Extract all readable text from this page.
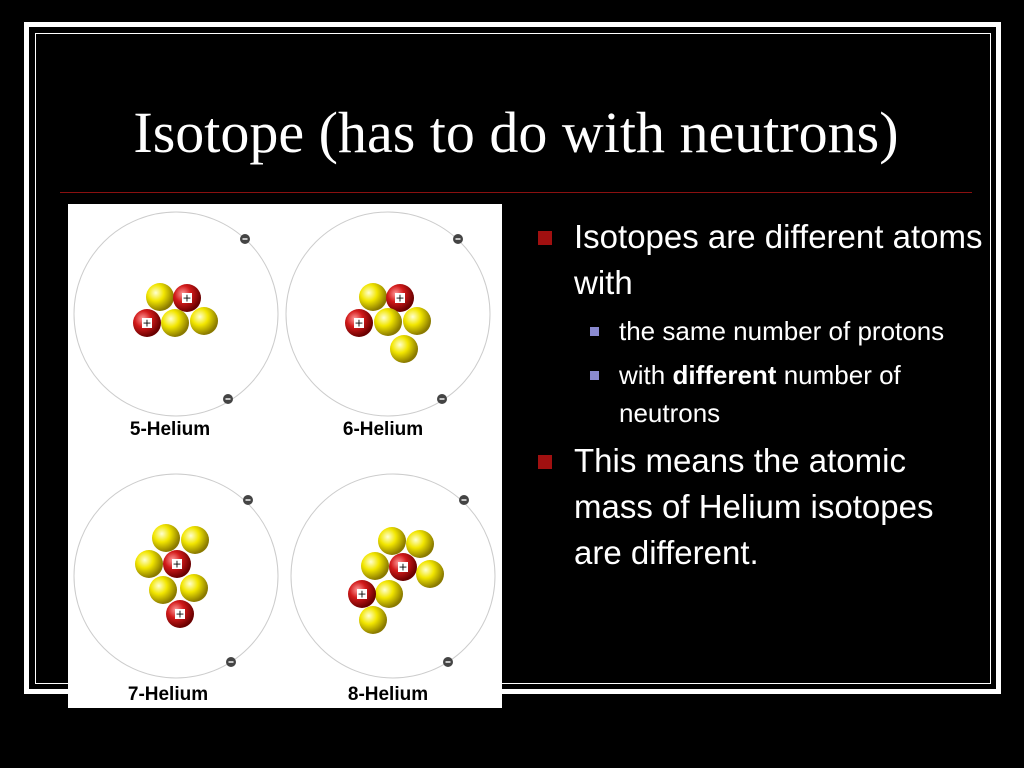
Isotope (has to do with neutrons)
+
+
5-Helium
+
+
6-Helium
+
+
7-Helium
+
+
8-Helium
Isotopes are different atoms with
the same number of protons
with different number of neutrons
This means the atomic mass of Helium isotopes are different.
